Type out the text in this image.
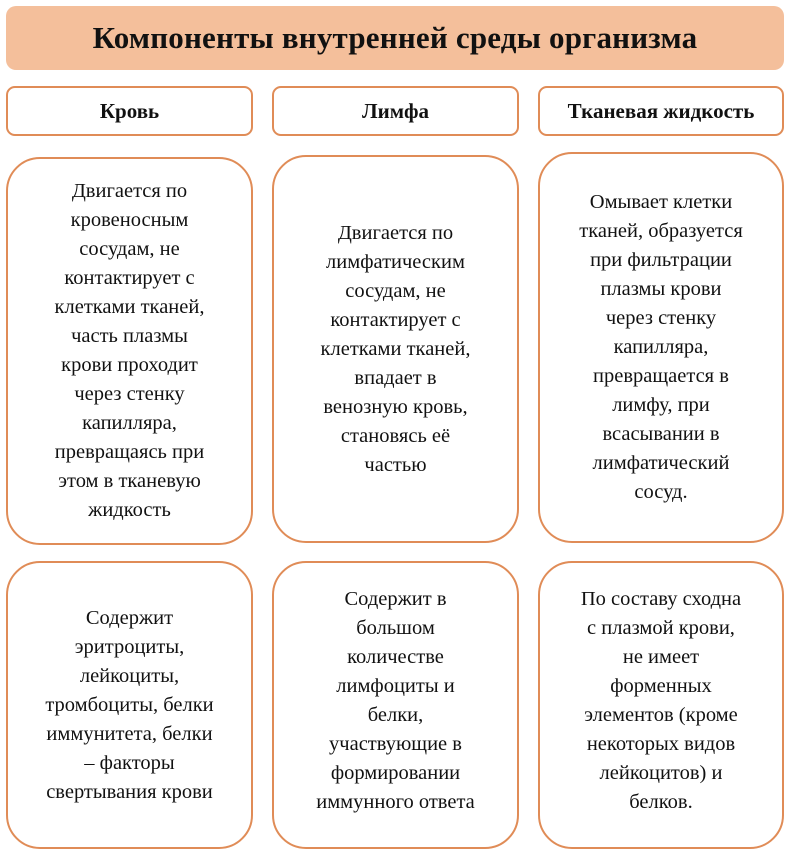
Компоненты внутренней среды организма
Кровь	Лимфа	Тканевая жидкость
Двигается по
кровеносным
сосудам, не
контактирует с
клетками тканей,
часть плазмы
крови проходит
через стенку
капилляра,
превращаясь при
этом в тканевую
жидкость
Двигается по
лимфатическим
сосудам, не
контактирует с
клетками тканей,
впадает в
венозную кровь,
становясь её
частью
Омывает клетки
тканей, образуется
при фильтрации
плазмы крови
через стенку
капилляра,
превращается в
лимфу, при
всасывании в
лимфатический
сосуд.
Содержит
эритроциты,
лейкоциты,
тромбоциты, белки
иммунитета, белки
– факторы
свертывания крови
Содержит в
большом
количестве
лимфоциты и
белки,
участвующие в
формировании
иммунного ответа
По составу сходна
с плазмой крови,
не имеет
форменных
элементов (кроме
некоторых видов
лейкоцитов) и
белков.
